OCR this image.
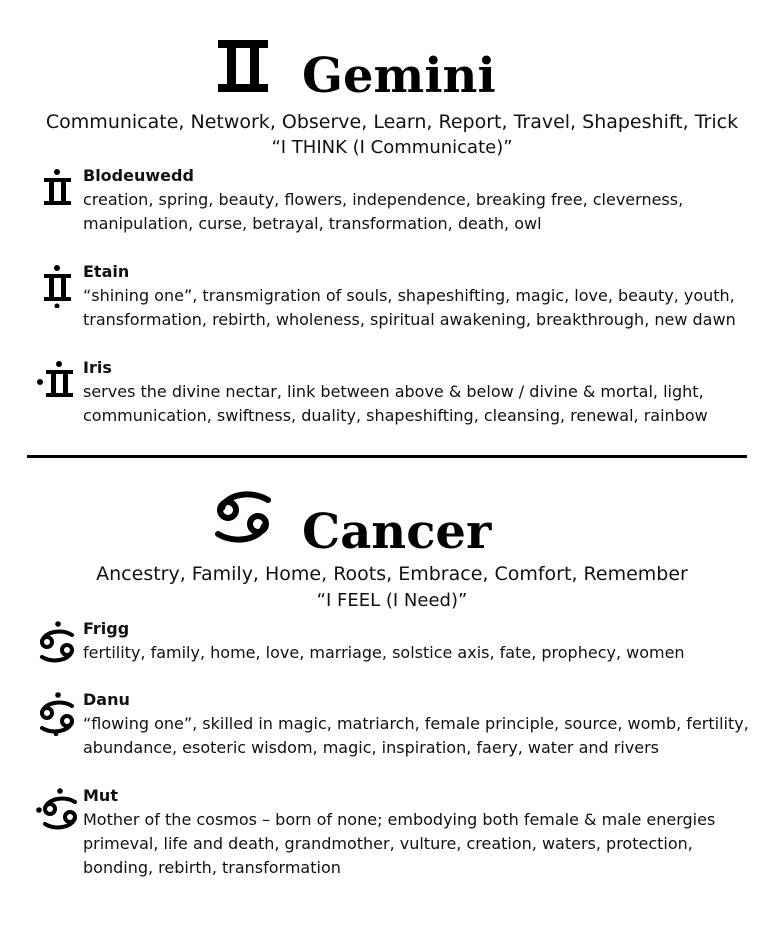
Gemini
Communicate, Network, Observe, Learn, Report, Travel, Shapeshift, Trick
“I THINK (I Communicate)”
Blodeuwedd
creation, spring, beauty, flowers, independence, breaking free, cleverness, manipulation, curse, betrayal, transformation, death, owl
Etain
“shining one”, transmigration of souls, shapeshifting, magic, love, beauty, youth, transformation, rebirth, wholeness, spiritual awakening, breakthrough, new dawn
Iris
serves the divine nectar, link between above & below / divine & mortal, light, communication, swiftness, duality, shapeshifting, cleansing, renewal, rainbow
Cancer
Ancestry, Family, Home, Roots, Embrace, Comfort, Remember
“I FEEL (I Need)”
Frigg
fertility, family, home, love, marriage, solstice axis, fate, prophecy, women
Danu
“flowing one”, skilled in magic, matriarch, female principle, source, womb, fertility, abundance, esoteric wisdom, magic, inspiration, faery, water and rivers
Mut
Mother of the cosmos – born of none; embodying both female & male energies primeval, life and death, grandmother, vulture, creation, waters, protection, bonding, rebirth, transformation
